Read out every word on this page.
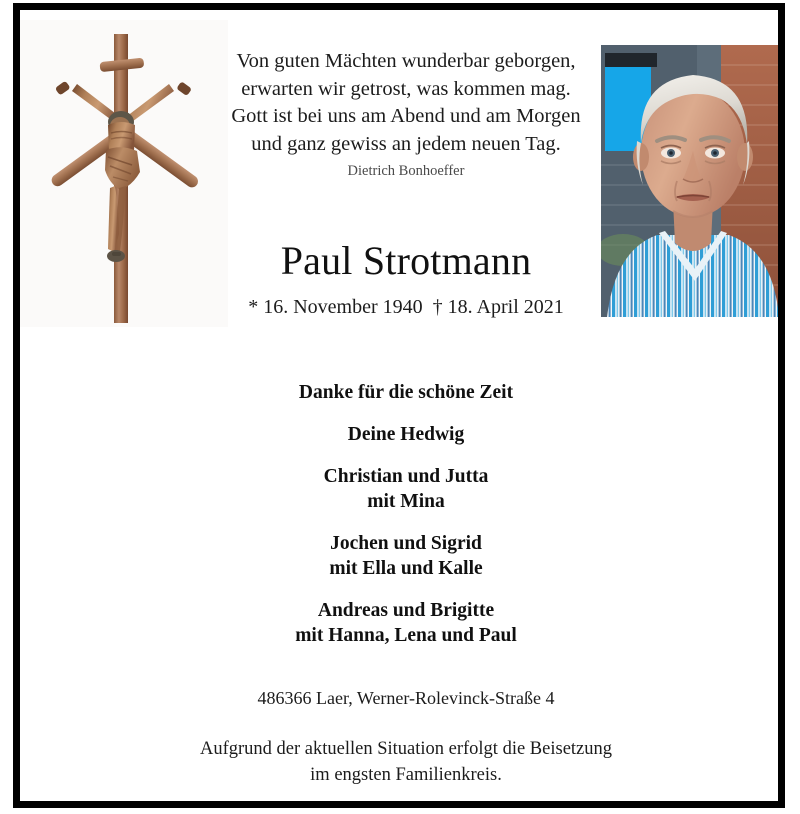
Von guten Mächten wunderbar geborgen,
erwarten wir getrost, was kommen mag.
Gott ist bei uns am Abend und am Morgen
und ganz gewiss an jedem neuen Tag.
Dietrich Bonhoeffer
Paul Strotmann
* 16. November 1940 † 18. April 2021
Danke für die schöne Zeit
Deine Hedwig
Christian und Jutta
mit Mina
Jochen und Sigrid
mit Ella und Kalle
Andreas und Brigitte
mit Hanna, Lena und Paul
486366 Laer, Werner-Rolevinck-Straße 4
Aufgrund der aktuellen Situation erfolgt die Beisetzung
im engsten Familienkreis.
